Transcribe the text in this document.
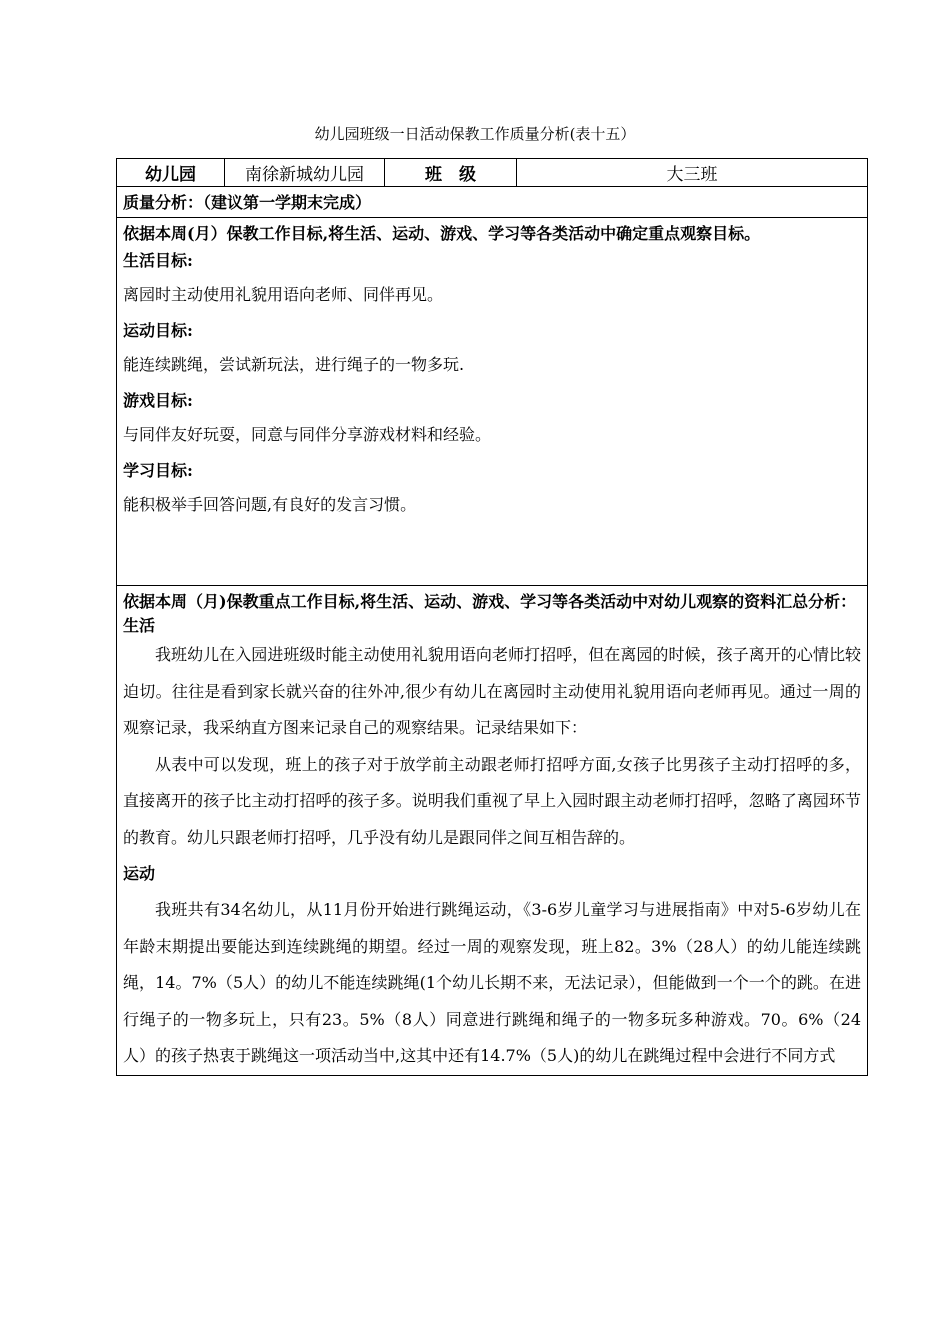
幼儿园班级一日活动保教工作质量分析(表十五）
幼儿园	南徐新城幼儿园	班　级	大三班
质量分析：（建议第一学期末完成）
依据本周(月）保教工作目标,将生活、运动、游戏、学习等各类活动中确定重点观察目标。
生活目标:
离园时主动使用礼貌用语向老师、同伴再见。
运动目标:
能连续跳绳，尝试新玩法，进行绳子的一物多玩.
游戏目标:
与同伴友好玩耍，同意与同伴分享游戏材料和经验。
学习目标:
能积极举手回答问题,有良好的发言习惯。
依据本周（月)保教重点工作目标,将生活、运动、游戏、学习等各类活动中对幼儿观察的资料汇总分析：
生活

我班幼儿在入园进班级时能主动使用礼貌用语向老师打招呼，但在离园的时候，孩子离开的心情比较迫切。往往是看到家长就兴奋的往外冲,很少有幼儿在离园时主动使用礼貌用语向老师再见。通过一周的观察记录，我采纳直方图来记录自己的观察结果。记录结果如下：

从表中可以发现，班上的孩子对于放学前主动跟老师打招呼方面,女孩子比男孩子主动打招呼的多，直接离开的孩子比主动打招呼的孩子多。说明我们重视了早上入园时跟主动老师打招呼，忽略了离园环节的教育。幼儿只跟老师打招呼，几乎没有幼儿是跟同伴之间互相告辞的。

运动

我班共有34名幼儿，从11月份开始进行跳绳运动，《3-6岁儿童学习与进展指南》中对5-6岁幼儿在年龄末期提出要能达到连续跳绳的期望。经过一周的观察发现，班上82。3%（28人）的幼儿能连续跳绳，14。7%（5人）的幼儿不能连续跳绳(1个幼儿长期不来，无法记录），但能做到一个一个的跳。在进行绳子的一物多玩上，只有23。5%（8人）同意进行跳绳和绳子的一物多玩多种游戏。70。6%（24人）的孩子热衷于跳绳这一项活动当中,这其中还有14.7%（5人)的幼儿在跳绳过程中会进行不同方式
